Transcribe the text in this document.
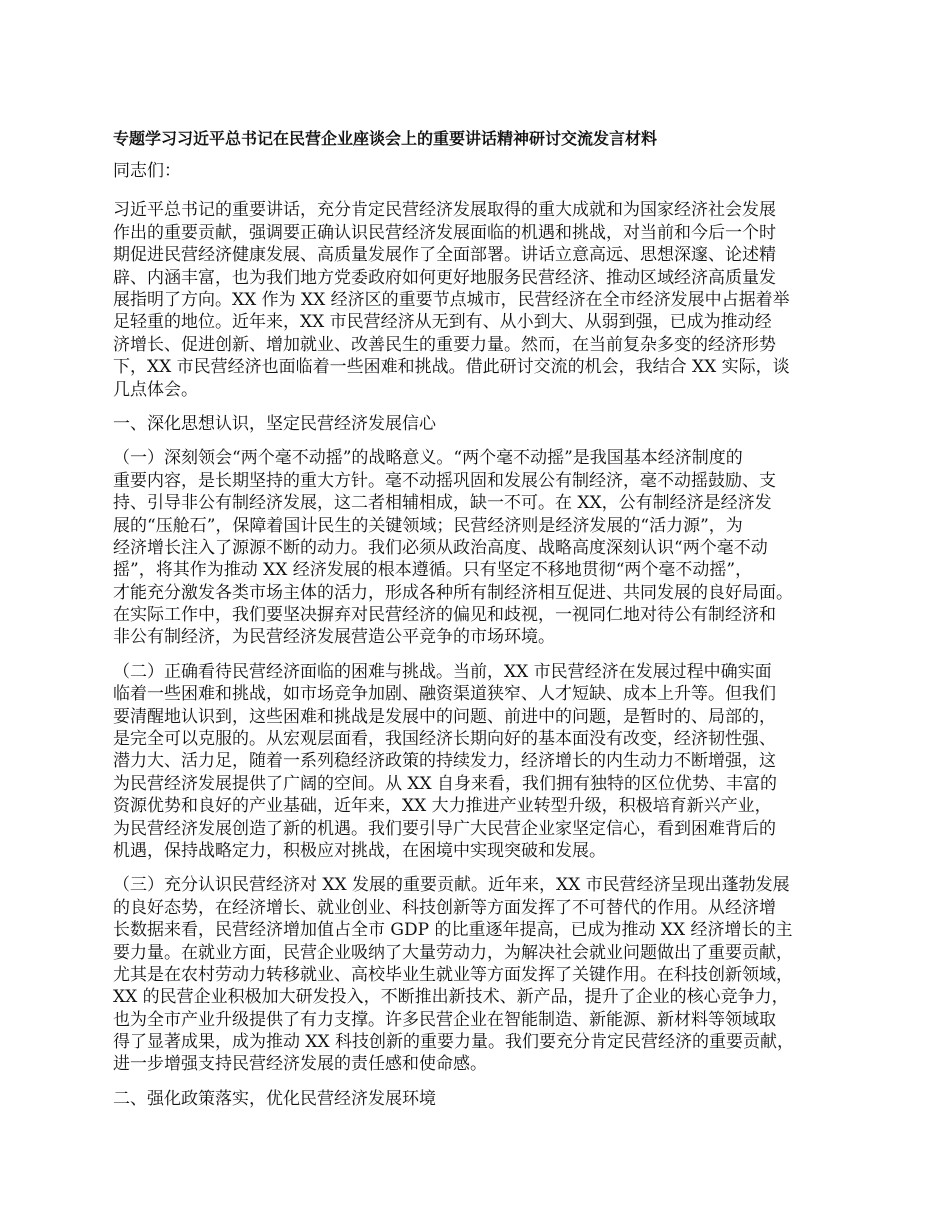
专题学习习近平总书记在民营企业座谈会上的重要讲话精神研讨交流发言材料
同志们：
习近平总书记的重要讲话，充分肯定民营经济发展取得的重大成就和为国家经济社会发展
作出的重要贡献，强调要正确认识民营经济发展面临的机遇和挑战，对当前和今后一个时
期促进民营经济健康发展、高质量发展作了全面部署。讲话立意高远、思想深邃、论述精
辟、内涵丰富，也为我们地方党委政府如何更好地服务民营经济、推动区域经济高质量发
展指明了方向。XX 作为 XX 经济区的重要节点城市，民营经济在全市经济发展中占据着举
足轻重的地位。近年来，XX 市民营经济从无到有、从小到大、从弱到强，已成为推动经
济增长、促进创新、增加就业、改善民生的重要力量。然而，在当前复杂多变的经济形势
下，XX 市民营经济也面临着一些困难和挑战。借此研讨交流的机会，我结合 XX 实际，谈
几点体会。
一、深化思想认识，坚定民营经济发展信心
（一）深刻领会“两个毫不动摇”的战略意义。“两个毫不动摇”是我国基本经济制度的
重要内容，是长期坚持的重大方针。毫不动摇巩固和发展公有制经济，毫不动摇鼓励、支
持、引导非公有制经济发展，这二者相辅相成，缺一不可。在 XX，公有制经济是经济发
展的“压舱石”，保障着国计民生的关键领域；民营经济则是经济发展的“活力源”，为
经济增长注入了源源不断的动力。我们必须从政治高度、战略高度深刻认识“两个毫不动
摇”，将其作为推动 XX 经济发展的根本遵循。只有坚定不移地贯彻“两个毫不动摇”，
才能充分激发各类市场主体的活力，形成各种所有制经济相互促进、共同发展的良好局面。
在实际工作中，我们要坚决摒弃对民营经济的偏见和歧视，一视同仁地对待公有制经济和
非公有制经济，为民营经济发展营造公平竞争的市场环境。
（二）正确看待民营经济面临的困难与挑战。当前，XX 市民营经济在发展过程中确实面
临着一些困难和挑战，如市场竞争加剧、融资渠道狭窄、人才短缺、成本上升等。但我们
要清醒地认识到，这些困难和挑战是发展中的问题、前进中的问题，是暂时的、局部的，
是完全可以克服的。从宏观层面看，我国经济长期向好的基本面没有改变，经济韧性强、
潜力大、活力足，随着一系列稳经济政策的持续发力，经济增长的内生动力不断增强，这
为民营经济发展提供了广阔的空间。从 XX 自身来看，我们拥有独特的区位优势、丰富的
资源优势和良好的产业基础，近年来，XX 大力推进产业转型升级，积极培育新兴产业，
为民营经济发展创造了新的机遇。我们要引导广大民营企业家坚定信心，看到困难背后的
机遇，保持战略定力，积极应对挑战，在困境中实现突破和发展。
（三）充分认识民营经济对 XX 发展的重要贡献。近年来，XX 市民营经济呈现出蓬勃发展
的良好态势，在经济增长、就业创业、科技创新等方面发挥了不可替代的作用。从经济增
长数据来看，民营经济增加值占全市 GDP 的比重逐年提高，已成为推动 XX 经济增长的主
要力量。在就业方面，民营企业吸纳了大量劳动力，为解决社会就业问题做出了重要贡献，
尤其是在农村劳动力转移就业、高校毕业生就业等方面发挥了关键作用。在科技创新领域，
XX 的民营企业积极加大研发投入，不断推出新技术、新产品，提升了企业的核心竞争力，
也为全市产业升级提供了有力支撑。许多民营企业在智能制造、新能源、新材料等领域取
得了显著成果，成为推动 XX 科技创新的重要力量。我们要充分肯定民营经济的重要贡献，
进一步增强支持民营经济发展的责任感和使命感。
二、强化政策落实，优化民营经济发展环境
